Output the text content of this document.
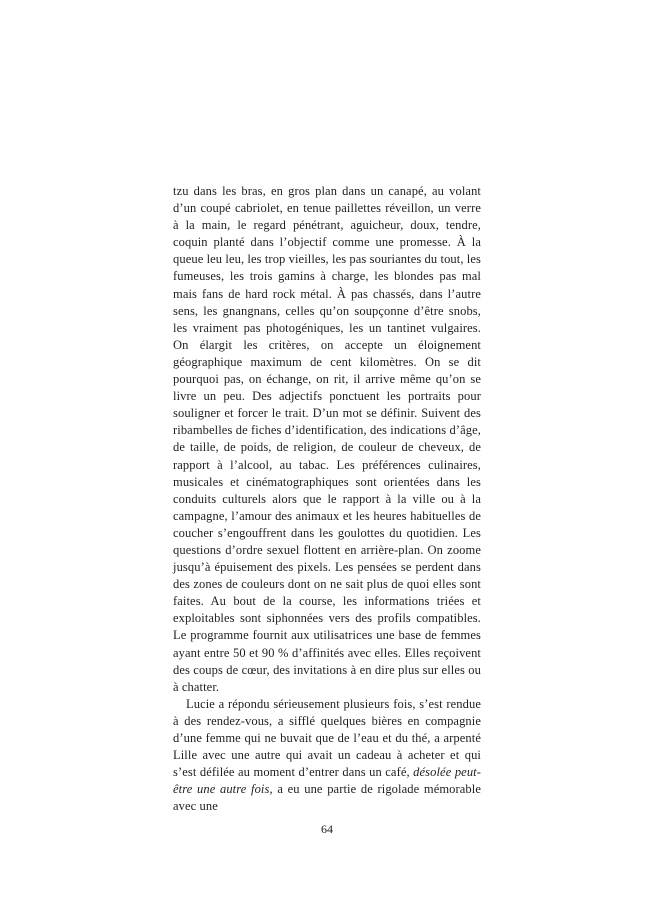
tzu dans les bras, en gros plan dans un canapé, au volant d’un coupé cabriolet, en tenue paillettes réveillon, un verre à la main, le regard pénétrant, aguicheur, doux, tendre, coquin planté dans l’objectif comme une promesse. À la queue leu leu, les trop vieilles, les pas souriantes du tout, les fumeuses, les trois gamins à charge, les blondes pas mal mais fans de hard rock métal. À pas chassés, dans l’autre sens, les gnangnans, celles qu’on soupçonne d’être snobs, les vraiment pas photogéniques, les un tantinet vulgaires. On élargit les critères, on accepte un éloignement géographique maximum de cent kilomètres. On se dit pourquoi pas, on échange, on rit, il arrive même qu’on se livre un peu. Des adjectifs ponctuent les portraits pour souligner et forcer le trait. D’un mot se définir. Suivent des ribambelles de fiches d’identification, des indications d’âge, de taille, de poids, de religion, de couleur de cheveux, de rapport à l’alcool, au tabac. Les préférences culinaires, musicales et cinématographiques sont orientées dans les conduits culturels alors que le rapport à la ville ou à la campagne, l’amour des animaux et les heures habituelles de coucher s’engouffrent dans les goulottes du quotidien. Les questions d’ordre sexuel flottent en arrière-plan. On zoome jusqu’à épuisement des pixels. Les pensées se perdent dans des zones de couleurs dont on ne sait plus de quoi elles sont faites. Au bout de la course, les informations triées et exploitables sont siphonnées vers des profils compatibles. Le programme fournit aux utilisatrices une base de femmes ayant entre 50 et 90 % d’affinités avec elles. Elles reçoivent des coups de cœur, des invitations à en dire plus sur elles ou à chatter.

Lucie a répondu sérieusement plusieurs fois, s’est rendue à des rendez-vous, a sifflé quelques bières en compagnie d’une femme qui ne buvait que de l’eau et du thé, a arpenté Lille avec une autre qui avait un cadeau à acheter et qui s’est défilée au moment d’entrer dans un café, désolée peut-être une autre fois, a eu une partie de rigolade mémorable avec une

64
